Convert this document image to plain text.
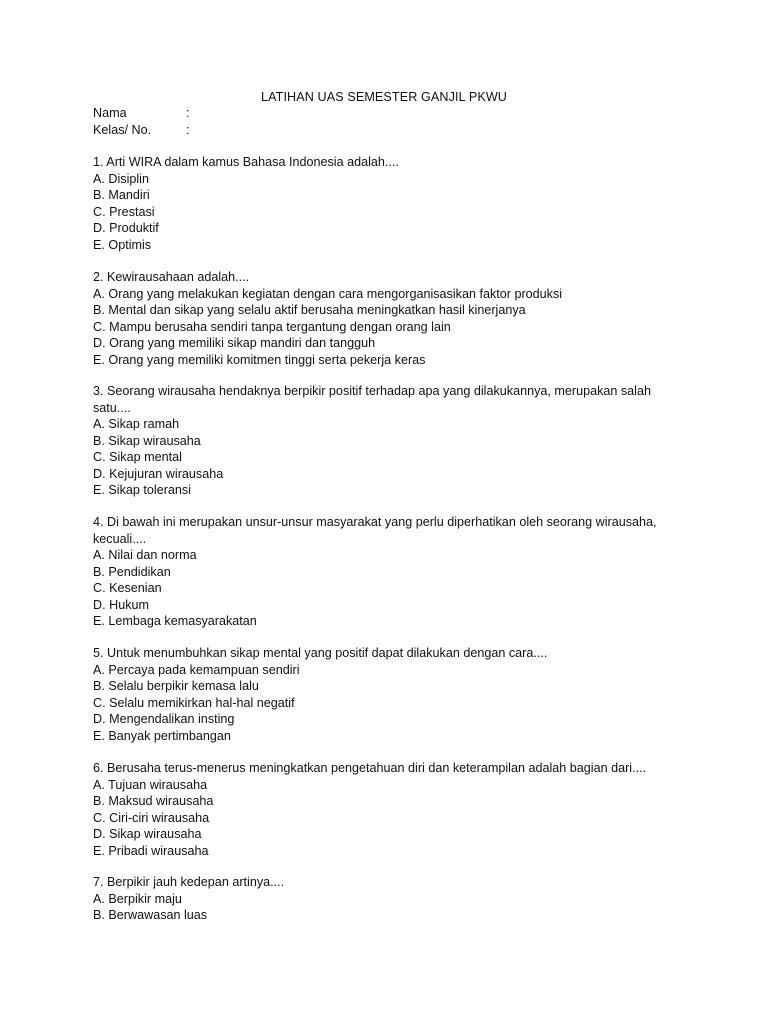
LATIHAN UAS SEMESTER GANJIL PKWU
Nama	:
Kelas/ No.	:
1. Arti WIRA dalam kamus Bahasa Indonesia adalah....
A. Disiplin
B. Mandiri
C. Prestasi
D. Produktif
E. Optimis
2. Kewirausahaan adalah....
A. Orang yang melakukan kegiatan dengan cara mengorganisasikan faktor produksi
B. Mental dan sikap yang selalu aktif berusaha meningkatkan hasil kinerjanya
C. Mampu berusaha sendiri tanpa tergantung dengan orang lain
D. Orang yang memiliki sikap mandiri dan tangguh
E. Orang yang memiliki komitmen tinggi serta pekerja keras
3. Seorang wirausaha hendaknya berpikir positif terhadap apa yang dilakukannya, merupakan salah
satu....
A. Sikap ramah
B. Sikap wirausaha
C. Sikap mental
D. Kejujuran wirausaha
E. Sikap toleransi
4. Di bawah ini merupakan unsur-unsur masyarakat yang perlu diperhatikan oleh seorang wirausaha,
kecuali....
A. Nilai dan norma
B. Pendidikan
C. Kesenian
D. Hukum
E. Lembaga kemasyarakatan
5. Untuk menumbuhkan sikap mental yang positif dapat dilakukan dengan cara....
A. Percaya pada kemampuan sendiri
B. Selalu berpikir kemasa lalu
C. Selalu memikirkan hal-hal negatif
D. Mengendalikan insting
E. Banyak pertimbangan
6. Berusaha terus-menerus meningkatkan pengetahuan diri dan keterampilan adalah bagian dari....
A. Tujuan wirausaha
B. Maksud wirausaha
C. Ciri-ciri wirausaha
D. Sikap wirausaha
E. Pribadi wirausaha
7. Berpikir jauh kedepan artinya....
A. Berpikir maju
B. Berwawasan luas
